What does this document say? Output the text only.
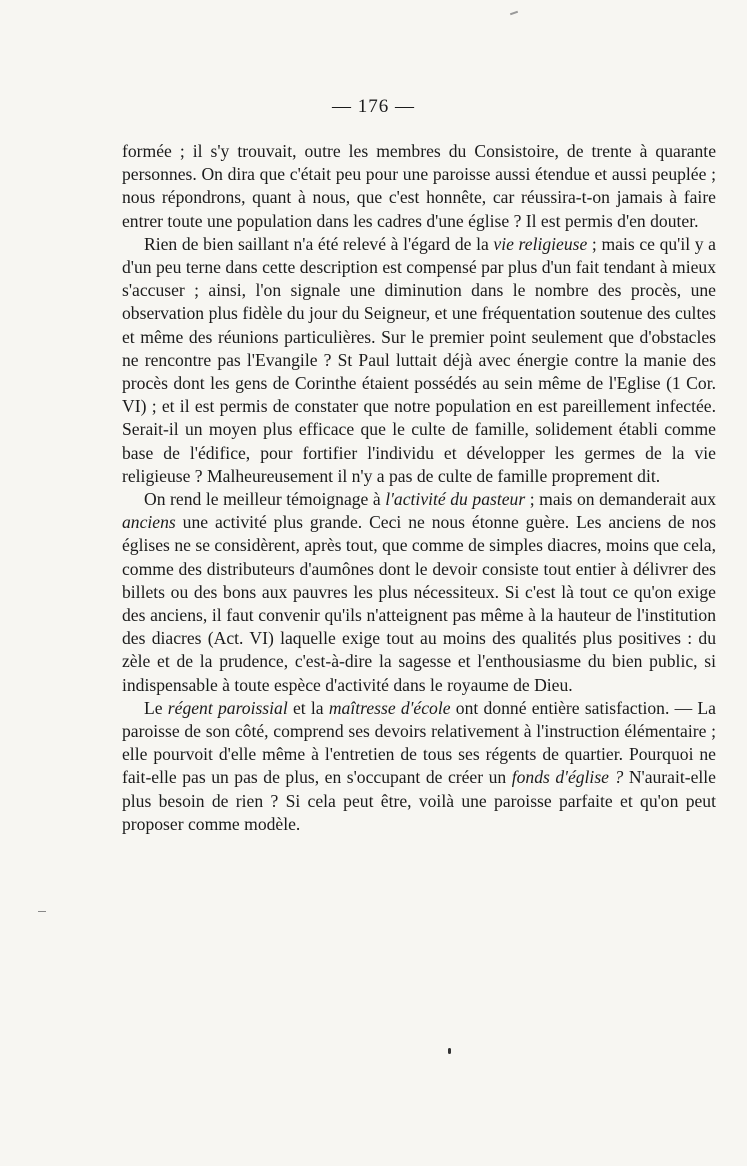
— 176 —

formée ; il s'y trouvait, outre les membres du Consistoire, de trente à quarante personnes. On dira que c'était peu pour une paroisse aussi étendue et aussi peuplée ; nous répondrons, quant à nous, que c'est honnête, car réussira-t-on jamais à faire entrer toute une population dans les cadres d'une église ? Il est permis d'en douter.

Rien de bien saillant n'a été relevé à l'égard de la vie religieuse ; mais ce qu'il y a d'un peu terne dans cette description est compensé par plus d'un fait tendant à mieux s'accuser ; ainsi, l'on signale une diminution dans le nombre des procès, une observation plus fidèle du jour du Seigneur, et une fréquentation soutenue des cultes et même des réunions particulières. Sur le premier point seulement que d'obstacles ne rencontre pas l'Evangile ? St Paul luttait déjà avec énergie contre la manie des procès dont les gens de Corinthe étaient possédés au sein même de l'Eglise (1 Cor. VI) ; et il est permis de constater que notre population en est pareillement infectée. Serait-il un moyen plus efficace que le culte de famille, solidement établi comme base de l'édifice, pour fortifier l'individu et développer les germes de la vie religieuse ? Malheureusement il n'y a pas de culte de famille proprement dit.

On rend le meilleur témoignage à l'activité du pasteur ; mais on demanderait aux anciens une activité plus grande. Ceci ne nous étonne guère. Les anciens de nos églises ne se considèrent, après tout, que comme de simples diacres, moins que cela, comme des distributeurs d'aumônes dont le devoir consiste tout entier à délivrer des billets ou des bons aux pauvres les plus nécessiteux. Si c'est là tout ce qu'on exige des anciens, il faut convenir qu'ils n'atteignent pas même à la hauteur de l'institution des diacres (Act. VI) laquelle exige tout au moins des qualités plus positives : du zèle et de la prudence, c'est-à-dire la sagesse et l'enthousiasme du bien public, si indispensable à toute espèce d'activité dans le royaume de Dieu.

Le régent paroissial et la maîtresse d'école ont donné entière satisfaction. — La paroisse de son côté, comprend ses devoirs relativement à l'instruction élémentaire ; elle pourvoit d'elle même à l'entretien de tous ses régents de quartier. Pourquoi ne fait-elle pas un pas de plus, en s'occupant de créer un fonds d'église ? N'aurait-elle plus besoin de rien ? Si cela peut être, voilà une paroisse parfaite et qu'on peut proposer comme modèle.
